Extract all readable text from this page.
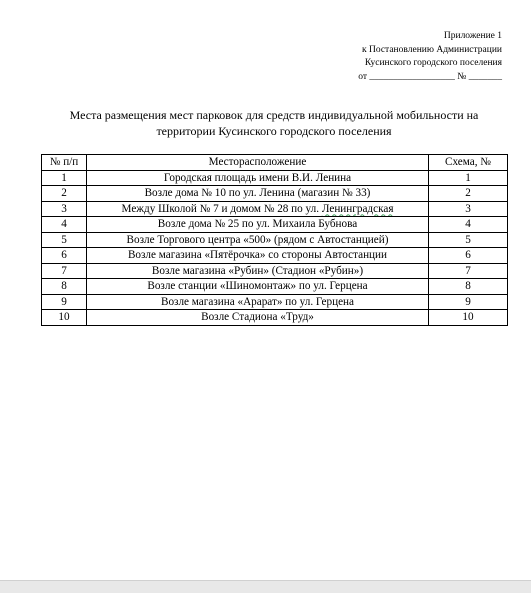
Приложение 1
к Постановлению Администрации
Кусинского городского поселения
от __________________ № _______
Места размещения мест парковок для средств индивидуальной мобильности на
территории Кусинского городского поселения
№ п/п	Месторасположение	Схема, №
1	Городская площадь имени В.И. Ленина	1
2	Возле дома № 10 по ул. Ленина (магазин № 33)	2
3	Между Школой № 7 и домом № 28 по ул. Ленинградская	3
4	Возле дома № 25 по ул. Михаила Бубнова	4
5	Возле Торгового центра «500» (рядом с Автостанцией)	5
6	Возле магазина «Пятёрочка» со стороны Автостанции	6
7	Возле магазина «Рубин» (Стадион «Рубин»)	7
8	Возле станции «Шиномонтаж» по ул. Герцена	8
9	Возле магазина «Арарат» по ул. Герцена	9
10	Возле Стадиона «Труд»	10
